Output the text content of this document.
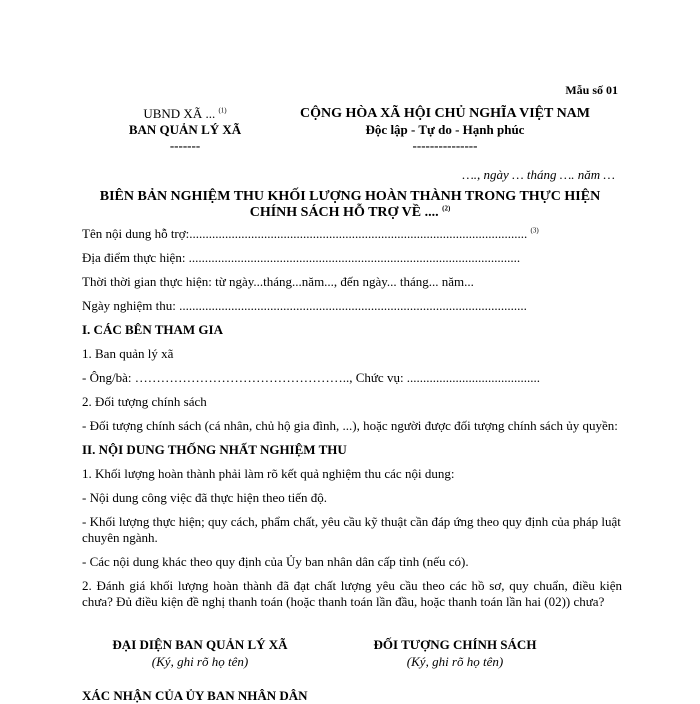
Mẫu số 01
UBND XÃ ... $^{(1)}$
BAN QUẢN LÝ XÃ
-------
CỘNG HÒA XÃ HỘI CHỦ NGHĨA VIỆT NAM
Độc lập - Tự do - Hạnh phúc
---------------
…., ngày … tháng …. năm …
BIÊN BẢN NGHIỆM THU KHỐI LƯỢNG HOÀN THÀNH TRONG THỰC HIỆN
CHÍNH SÁCH HỖ TRỢ VỀ .... $^{(2)}$

Tên nội dung hỗ trợ:........................................................................................................ $^{(3)}$

Địa điểm thực hiện: ......................................................................................................

Thời thời gian thực hiện: từ ngày...tháng...năm..., đến ngày... tháng... năm...

Ngày nghiệm thu: ...........................................................................................................

I. CÁC BÊN THAM GIA

1. Ban quản lý xã

- Ông/bà: ………………………………………….., Chức vụ: .........................................

2. Đối tượng chính sách

- Đối tượng chính sách (cá nhân, chủ hộ gia đình, ...), hoặc người được đối tượng chính sách ủy quyền:

II. NỘI DUNG THỐNG NHẤT NGHIỆM THU

1. Khối lượng hoàn thành phải làm rõ kết quả nghiệm thu các nội dung:

- Nội dung công việc đã thực hiện theo tiến độ.

- Khối lượng thực hiện; quy cách, phẩm chất, yêu cầu kỹ thuật cần đáp ứng theo quy định của pháp luật chuyên ngành.

- Các nội dung khác theo quy định của Ủy ban nhân dân cấp tỉnh (nếu có).

2. Đánh giá khối lượng hoàn thành đã đạt chất lượng yêu cầu theo các hồ sơ, quy chuẩn, điều kiện chưa? Đủ điều kiện đề nghị thanh toán (hoặc thanh toán lần đầu, hoặc thanh toán lần hai (02)) chưa?

ĐẠI DIỆN BAN QUẢN LÝ XÃ
(Ký, ghi rõ họ tên)
ĐỐI TƯỢNG CHÍNH SÁCH
(Ký, ghi rõ họ tên)
XÁC NHẬN CỦA ỦY BAN NHÂN DÂN
